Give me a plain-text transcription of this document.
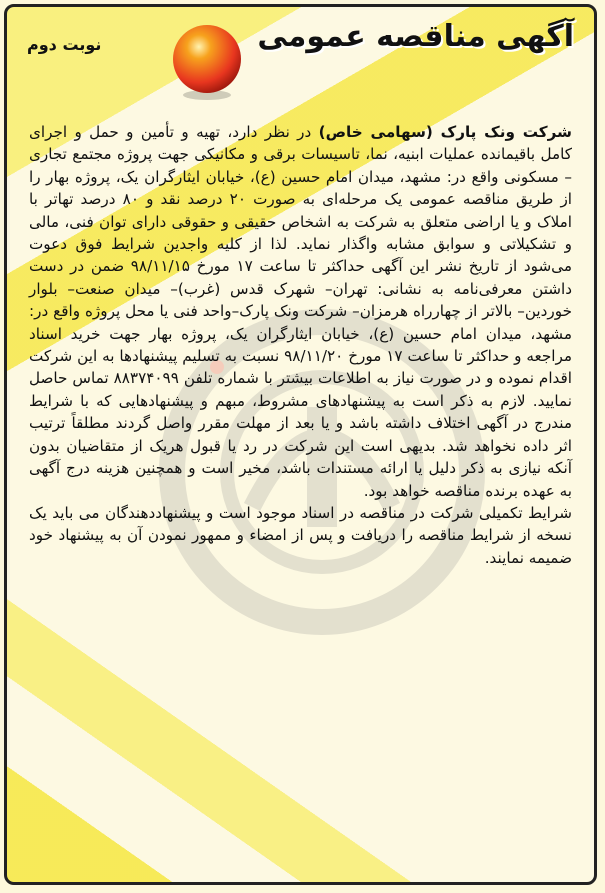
آگهی مناقصه عمومی
نوبت دوم

شرکت ونک پارک (سهامی خاص) در نظر دارد، تهیه و تأمین و حمل و اجرای کامل باقیمانده عملیات ابنیه، نما، تاسیسات برقی و مکانیکی جهت پروژه مجتمع تجاری – مسکونی واقع در: مشهد، میدان امام حسین (ع)، خیابان ایثارگران یک، پروژه بهار را از طریق مناقصه عمومی یک مرحله‌ای به صورت ۲۰ درصد نقد و ۸۰ درصد تهاتر با املاک و یا اراضی متعلق به شرکت به اشخاص حقیقی و حقوقی دارای توان فنی، مالی و تشکیلاتی و سوابق مشابه واگذار نماید. لذا از کلیه واجدین شرایط فوق دعوت می‌شود از تاریخ نشر این آگهی حداکثر تا ساعت ۱۷ مورخ ۹۸/۱۱/۱۵ ضمن در دست داشتن معرفی‌نامه به نشانی: تهران– شهرک قدس (غرب)– میدان صنعت– بلوار خوردین– بالاتر از چهارراه هرمزان– شرکت ونک پارک–واحد فنی یا محل پروژه واقع در: مشهد، میدان امام حسین (ع)، خیابان ایثارگران یک، پروژه بهار جهت خرید اسناد مراجعه و حداکثر تا ساعت ۱۷ مورخ ۹۸/۱۱/۲۰ نسبت به تسلیم پیشنهادها به این شرکت اقدام نموده و در صورت نیاز به اطلاعات بیشتر با شماره تلفن ۸۸۳۷۴۰۹۹ تماس حاصل نمایید. لازم به ذکر است به پیشنهادهای مشروط، مبهم و پیشنهادهایی که با شرایط مندرج در آگهی اختلاف داشته باشد و یا بعد از مهلت مقرر واصل گردند مطلقاً ترتیب اثر داده نخواهد شد. بدیهی است این شرکت در رد یا قبول هریک از متقاضیان بدون آنکه نیازی به ذکر دلیل یا ارائه مستندات باشد، مخیر است و همچنین هزینه درج آگهی به عهده برنده مناقصه خواهد بود.

شرایط تکمیلی شرکت در مناقصه در اسناد موجود است و پیشنهاددهندگان می باید یک نسخه از شرایط مناقصه را دریافت و پس از امضاء و ممهور نمودن آن به پیشنهاد خود ضمیمه نمایند.
